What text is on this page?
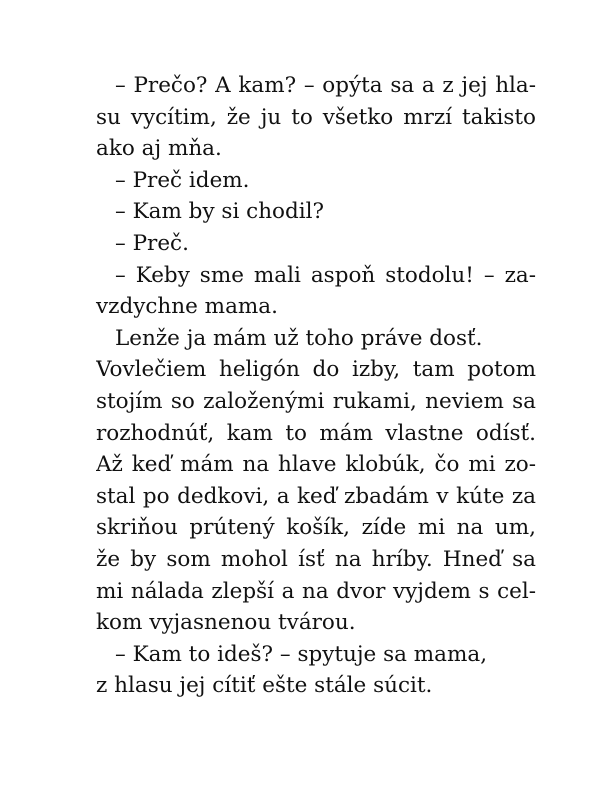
– Prečo? A kam? – opýta sa a z jej hla-
su vycítim, že ju to všetko mrzí takisto
ako aj mňa.
– Preč idem.
– Kam by si chodil?
– Preč.
– Keby sme mali aspoň stodolu! – za-
vzdychne mama.
Lenže ja mám už toho práve dosť.
Vovlečiem heligón do izby, tam potom
stojím so založenými rukami, neviem sa
rozhodnúť, kam to mám vlastne odísť.
Až keď mám na hlave klobúk, čo mi zo-
stal po dedkovi, a keď zbadám v kúte za
skriňou prútený košík, zíde mi na um,
že by som mohol ísť na hríby. Hneď sa
mi nálada zlepší a na dvor vyjdem s cel-
kom vyjasnenou tvárou.
– Kam to ideš? – spytuje sa mama,
z hlasu jej cítiť ešte stále súcit.
